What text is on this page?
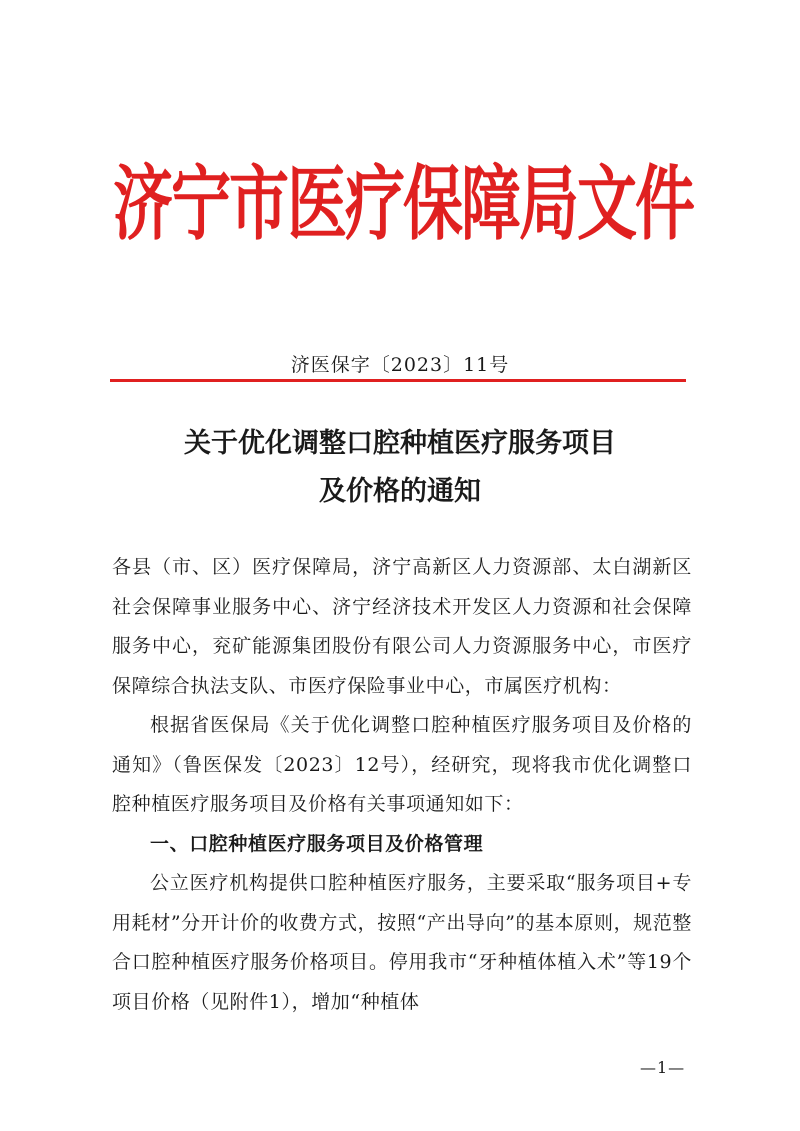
济宁市医疗保障局文件
济医保字〔2023〕11号
关于优化调整口腔种植医疗服务项目
及价格的通知

各县（市、区）医疗保障局，济宁高新区人力资源部、太白湖新区社会保障事业服务中心、济宁经济技术开发区人力资源和社会保障服务中心，兖矿能源集团股份有限公司人力资源服务中心，市医疗保障综合执法支队、市医疗保险事业中心，市属医疗机构：

根据省医保局《关于优化调整口腔种植医疗服务项目及价格的通知》（鲁医保发〔2023〕12号），经研究，现将我市优化调整口腔种植医疗服务项目及价格有关事项通知如下：

一、口腔种植医疗服务项目及价格管理

公立医疗机构提供口腔种植医疗服务，主要采取“服务项目+专用耗材”分开计价的收费方式，按照“产出导向”的基本原则，规范整合口腔种植医疗服务价格项目。停用我市“牙种植体植入术”等19个项目价格（见附件1），增加“种植体

—1—
